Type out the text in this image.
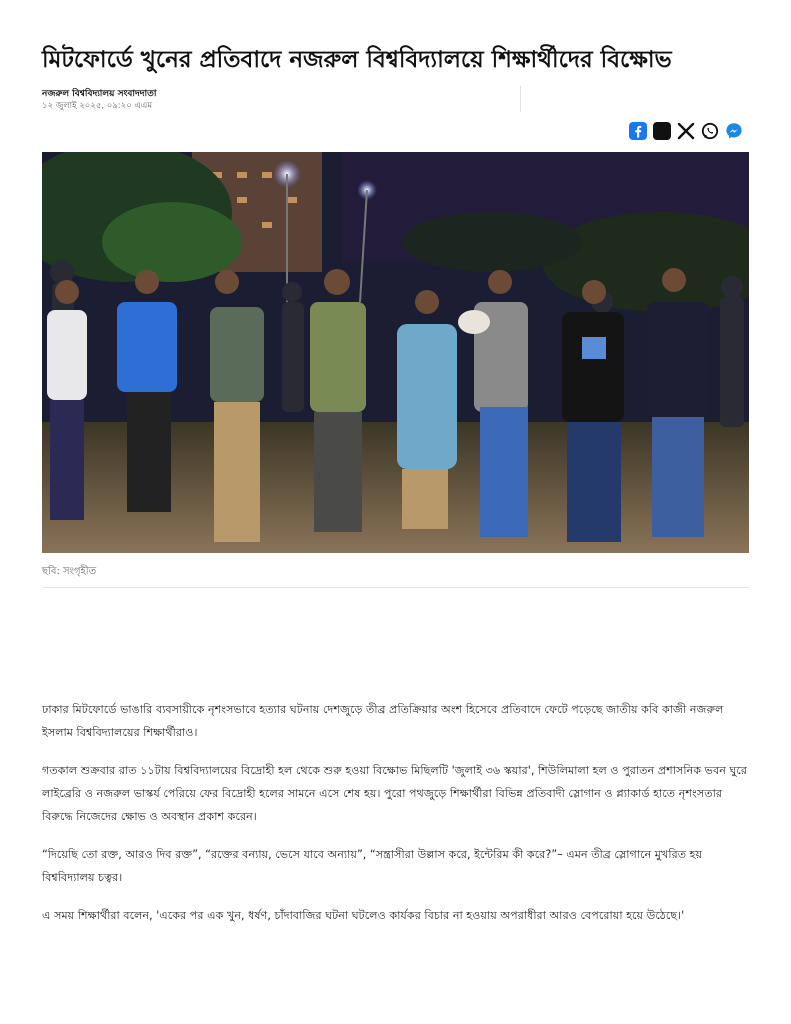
মিটফোর্ডে খুনের প্রতিবাদে নজরুল বিশ্ববিদ্যালয়ে শিক্ষার্থীদের বিক্ষোভ
নজরুল বিশ্ববিদ্যালয় সংবাদদাতা
১২ জুলাই ২০২৫, ০৯:২০ এএম
ছবি: সংগৃহীত

ঢাকার মিটফোর্ডে ভাঙারি ব্যবসায়ীকে নৃশংসভাবে হত্যার ঘটনায় দেশজুড়ে তীব্র প্রতিক্রিয়ার অংশ হিসেবে প্রতিবাদে ফেটে পড়েছে জাতীয় কবি কাজী নজরুল ইসলাম বিশ্ববিদ্যালয়ের শিক্ষার্থীরাও।

গতকাল শুক্রবার রাত ১১টায় বিশ্ববিদ্যালয়ের বিদ্রোহী হল থেকে শুরু হওয়া বিক্ষোভ মিছিলটি 'জুলাই ৩৬ স্কয়ার', শিউলিমালা হল ও পুরাতন প্রশাসনিক ভবন ঘুরে লাইব্রেরি ও নজরুল ভাস্কর্য পেরিয়ে ফের বিদ্রোহী হলের সামনে এসে শেষ হয়। পুরো পথজুড়ে শিক্ষার্থীরা বিভিন্ন প্রতিবাদী স্লোগান ও প্ল্যাকার্ড হাতে নৃশংসতার বিরুদ্ধে নিজেদের ক্ষোভ ও অবস্থান প্রকাশ করেন।

“দিয়েছি তো রক্ত, আরও দিব রক্ত”, “রক্তের বন্যায়, ভেসে যাবে অন্যায়”, “সন্ত্রাসীরা উল্লাস করে, ইন্টেরিম কী করে?”– এমন তীব্র স্লোগানে মুখরিত হয় বিশ্ববিদ্যালয় চত্বর।

এ সময় শিক্ষার্থীরা বলেন, 'একের পর এক খুন, ধর্ষণ, চাঁদাবাজির ঘটনা ঘটলেও কার্যকর বিচার না হওয়ায় অপরাধীরা আরও বেপরোয়া হয়ে উঠেছে।'
